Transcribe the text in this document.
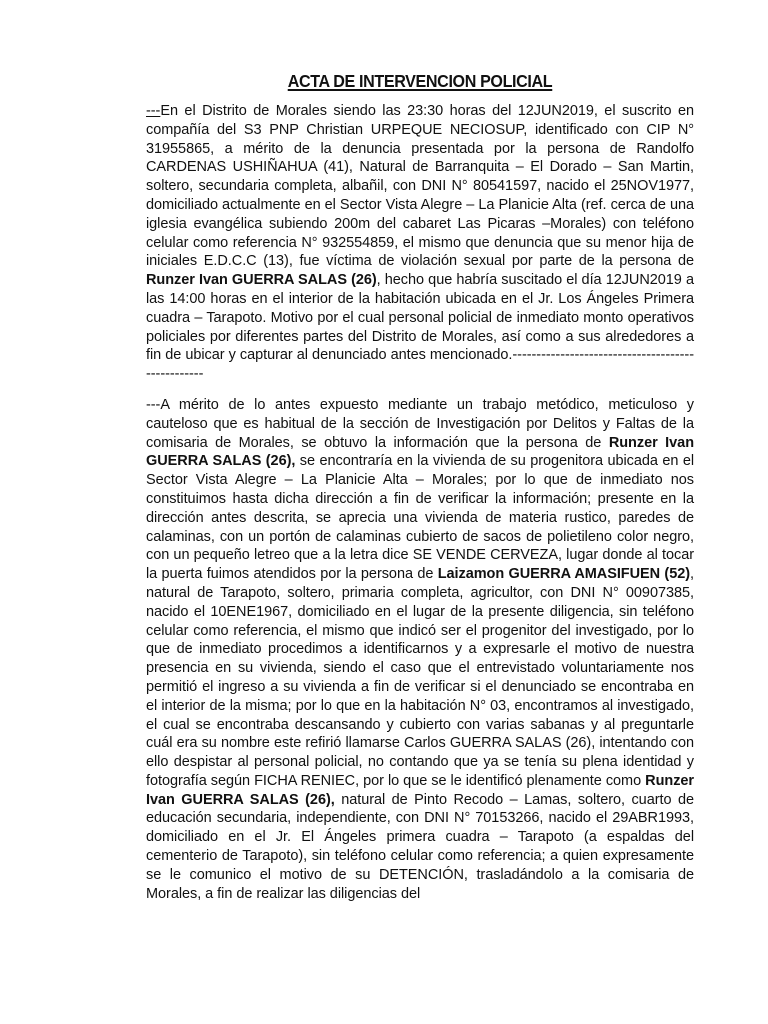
ACTA DE INTERVENCION POLICIAL

---En el Distrito de Morales siendo las 23:30 horas del 12JUN2019, el suscrito en compañía del S3 PNP Christian URPEQUE NECIOSUP, identificado con CIP N° 31955865, a mérito de la denuncia presentada por la persona de Randolfo CARDENAS USHIÑAHUA (41), Natural de Barranquita – El Dorado – San Martin, soltero, secundaria completa, albañil, con DNI N° 80541597, nacido el 25NOV1977, domiciliado actualmente en el Sector Vista Alegre – La Planicie Alta (ref. cerca de una iglesia evangélica subiendo 200m del cabaret Las Picaras –Morales) con teléfono celular como referencia N° 932554859, el mismo que denuncia que su menor hija de iniciales E.D.C.C (13), fue víctima de violación sexual por parte de la persona de Runzer Ivan GUERRA SALAS (26), hecho que habría suscitado el día 12JUN2019 a las 14:00 horas en el interior de la habitación ubicada en el Jr. Los Ángeles Primera cuadra – Tarapoto. Motivo por el cual personal policial de inmediato monto operativos policiales por diferentes partes del Distrito de Morales, así como a sus alrededores a fin de ubicar y capturar al denunciado antes mencionado.--------------------------------------------------

---A mérito de lo antes expuesto mediante un trabajo metódico, meticuloso y cauteloso que es habitual de la sección de Investigación por Delitos y Faltas de la comisaria de Morales, se obtuvo la información que la persona de Runzer Ivan GUERRA SALAS (26), se encontraría en la vivienda de su progenitora ubicada en el Sector Vista Alegre – La Planicie Alta – Morales; por lo que de inmediato nos constituimos hasta dicha dirección a fin de verificar la información; presente en la dirección antes descrita, se aprecia una vivienda de materia rustico, paredes de calaminas, con un portón de calaminas cubierto de sacos de polietileno color negro, con un pequeño letreo que a la letra dice SE VENDE CERVEZA, lugar donde al tocar la puerta fuimos atendidos por la persona de Laizamon GUERRA AMASIFUEN (52), natural de Tarapoto, soltero, primaria completa, agricultor, con DNI N° 00907385, nacido el 10ENE1967, domiciliado en el lugar de la presente diligencia, sin teléfono celular como referencia, el mismo que indicó ser el progenitor del investigado, por lo que de inmediato procedimos a identificarnos y a expresarle el motivo de nuestra presencia en su vivienda, siendo el caso que el entrevistado voluntariamente nos permitió el ingreso a su vivienda a fin de verificar si el denunciado se encontraba en el interior de la misma; por lo que en la habitación N° 03, encontramos al investigado, el cual se encontraba descansando y cubierto con varias sabanas y al preguntarle cuál era su nombre este refirió llamarse Carlos GUERRA SALAS (26), intentando con ello despistar al personal policial, no contando que ya se tenía su plena identidad y fotografía según FICHA RENIEC, por lo que se le identificó plenamente como Runzer Ivan GUERRA SALAS (26), natural de Pinto Recodo – Lamas, soltero, cuarto de educación secundaria, independiente, con DNI N° 70153266, nacido el 29ABR1993, domiciliado en el Jr. El Ángeles primera cuadra – Tarapoto (a espaldas del cementerio de Tarapoto), sin teléfono celular como referencia; a quien expresamente se le comunico el motivo de su DETENCIÓN, trasladándolo a la comisaria de Morales, a fin de realizar las diligencias del
